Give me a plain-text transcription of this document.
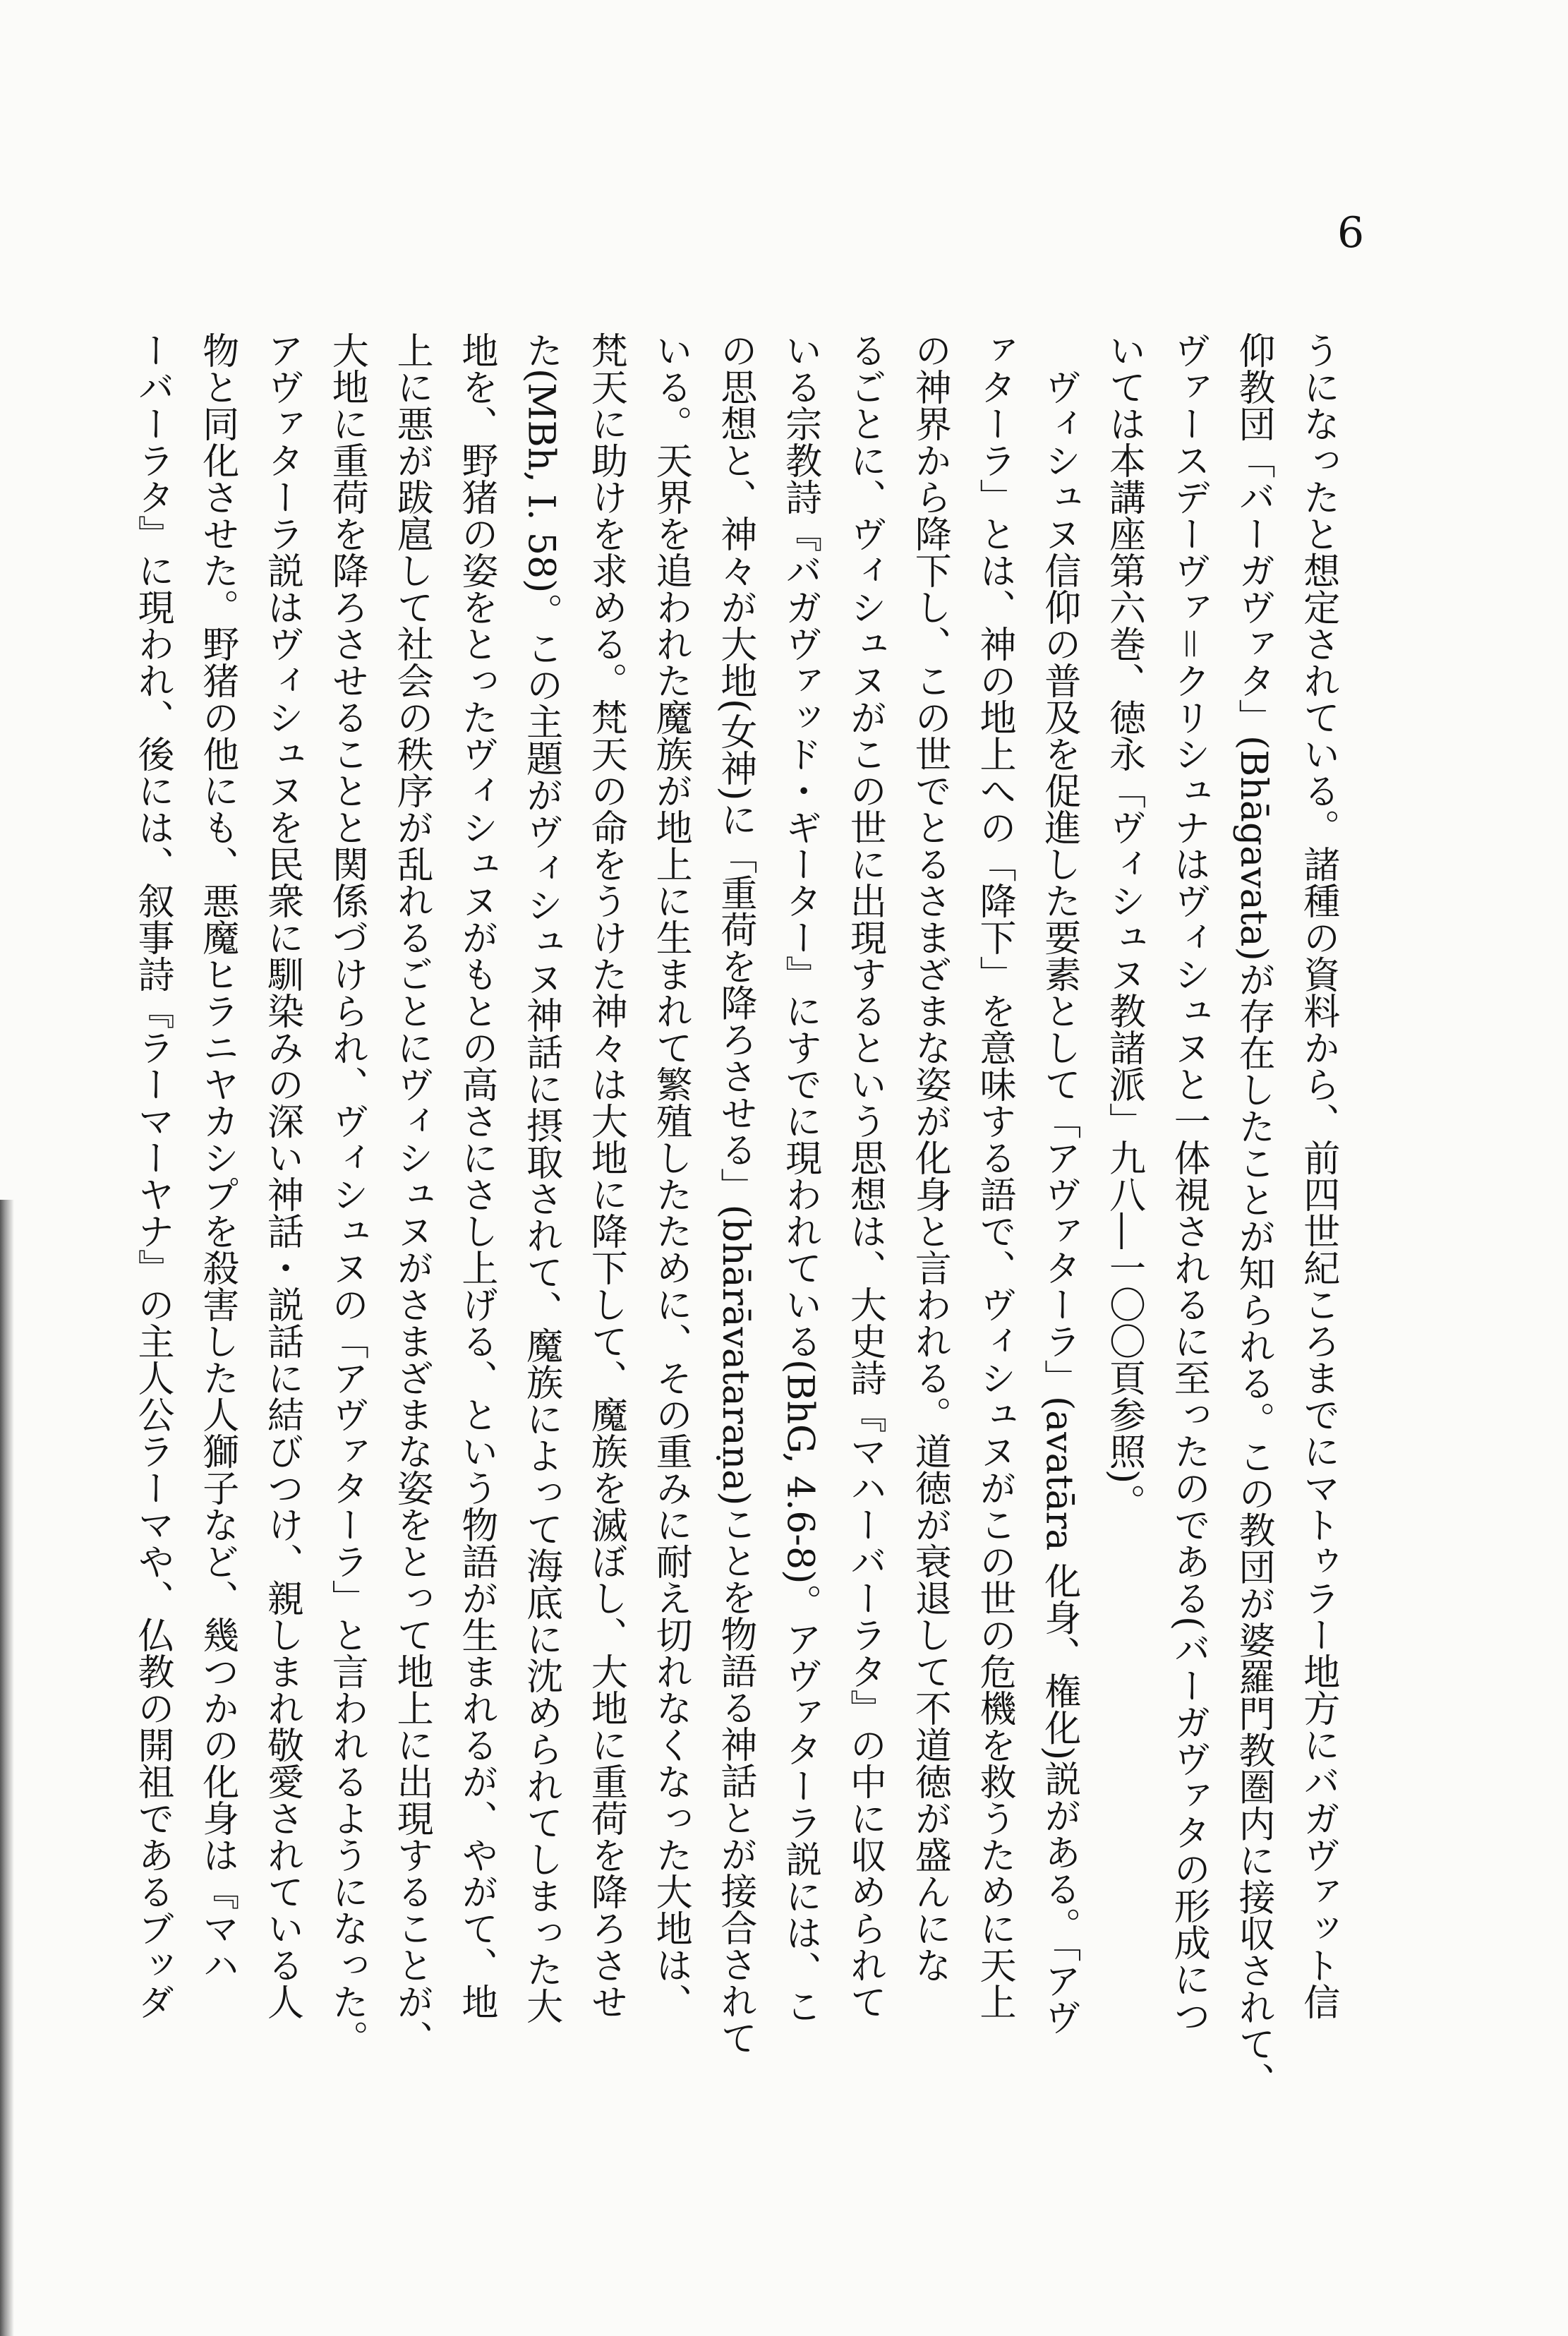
6
うになったと想定されている。諸種の資料から、前四世紀ころまでにマトゥラー地方にバガヴァット信
仰教団「バーガヴァタ」(Bhāgavata)が存在したことが知られる。この教団が婆羅門教圏内に接収されて、
ヴァースデーヴァ＝クリシュナはヴィシュヌと一体視されるに至ったのである(バーガヴァタの形成につ
いては本講座第六巻、徳永「ヴィシュヌ教諸派」九八―一〇〇頁参照)。
　ヴィシュヌ信仰の普及を促進した要素として「アヴァターラ」(avatāra 化身、権化)説がある。「アヴ
ァターラ」とは、神の地上への「降下」を意味する語で、ヴィシュヌがこの世の危機を救うために天上
の神界から降下し、この世でとるさまざまな姿が化身と言われる。道徳が衰退して不道徳が盛んにな
るごとに、ヴィシュヌがこの世に出現するという思想は、大史詩『マハーバーラタ』の中に収められて
いる宗教詩『バガヴァッド・ギーター』にすでに現われている(BhG, 4.6-8)。アヴァターラ説には、こ
の思想と、神々が大地(女神)に「重荷を降ろさせる」(bhārāvataraṇa)ことを物語る神話とが接合されて
いる。天界を追われた魔族が地上に生まれて繁殖したために、その重みに耐え切れなくなった大地は、
梵天に助けを求める。梵天の命をうけた神々は大地に降下して、魔族を滅ぼし、大地に重荷を降ろさせ
た(MBh, I. 58)。この主題がヴィシュヌ神話に摂取されて、魔族によって海底に沈められてしまった大
地を、野猪の姿をとったヴィシュヌがもとの高さにさし上げる、という物語が生まれるが、やがて、地
上に悪が跋扈して社会の秩序が乱れるごとにヴィシュヌがさまざまな姿をとって地上に出現することが、
大地に重荷を降ろさせることと関係づけられ、ヴィシュヌの「アヴァターラ」と言われるようになった。
アヴァターラ説はヴィシュヌを民衆に馴染みの深い神話・説話に結びつけ、親しまれ敬愛されている人
物と同化させた。野猪の他にも、悪魔ヒラニヤカシプを殺害した人獅子など、幾つかの化身は『マハ
ーバーラタ』に現われ、後には、叙事詩『ラーマーヤナ』の主人公ラーマや、仏教の開祖であるブッダ
